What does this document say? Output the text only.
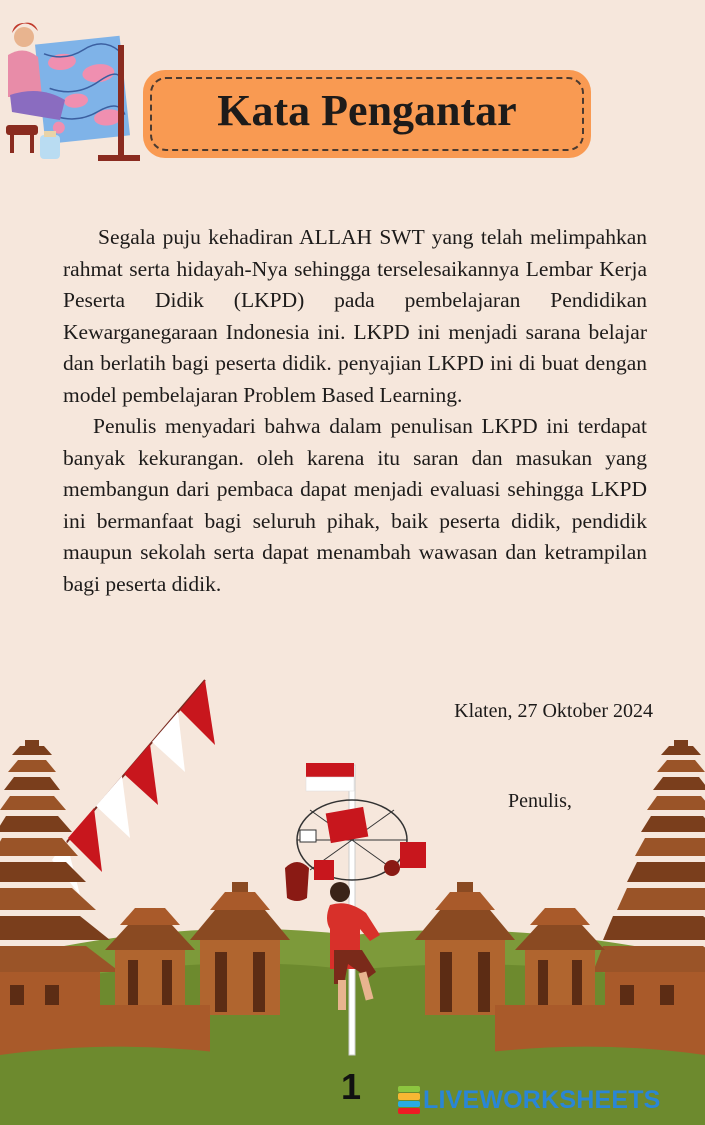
Kata Pengantar

Segala puju kehadiran ALLAH SWT yang telah melimpahkan rahmat serta hidayah-Nya sehingga terselesaikannya Lembar Kerja Peserta Didik (LKPD) pada pembelajaran Pendidikan Kewarganegaraan Indonesia ini. LKPD ini menjadi sarana belajar dan berlatih bagi peserta didik. penyajian LKPD ini di buat dengan model pembelajaran Problem Based Learning.

Penulis menyadari bahwa dalam penulisan LKPD ini terdapat banyak kekurangan. oleh karena itu saran dan masukan yang membangun dari pembaca dapat menjadi evaluasi sehingga LKPD ini bermanfaat bagi seluruh pihak, baik peserta didik, pendidik maupun sekolah serta dapat menambah wawasan dan ketrampilan bagi peserta didik.

Klaten, 27 Oktober 2024
Penulis,
1 LIVEWORKSHEETS
